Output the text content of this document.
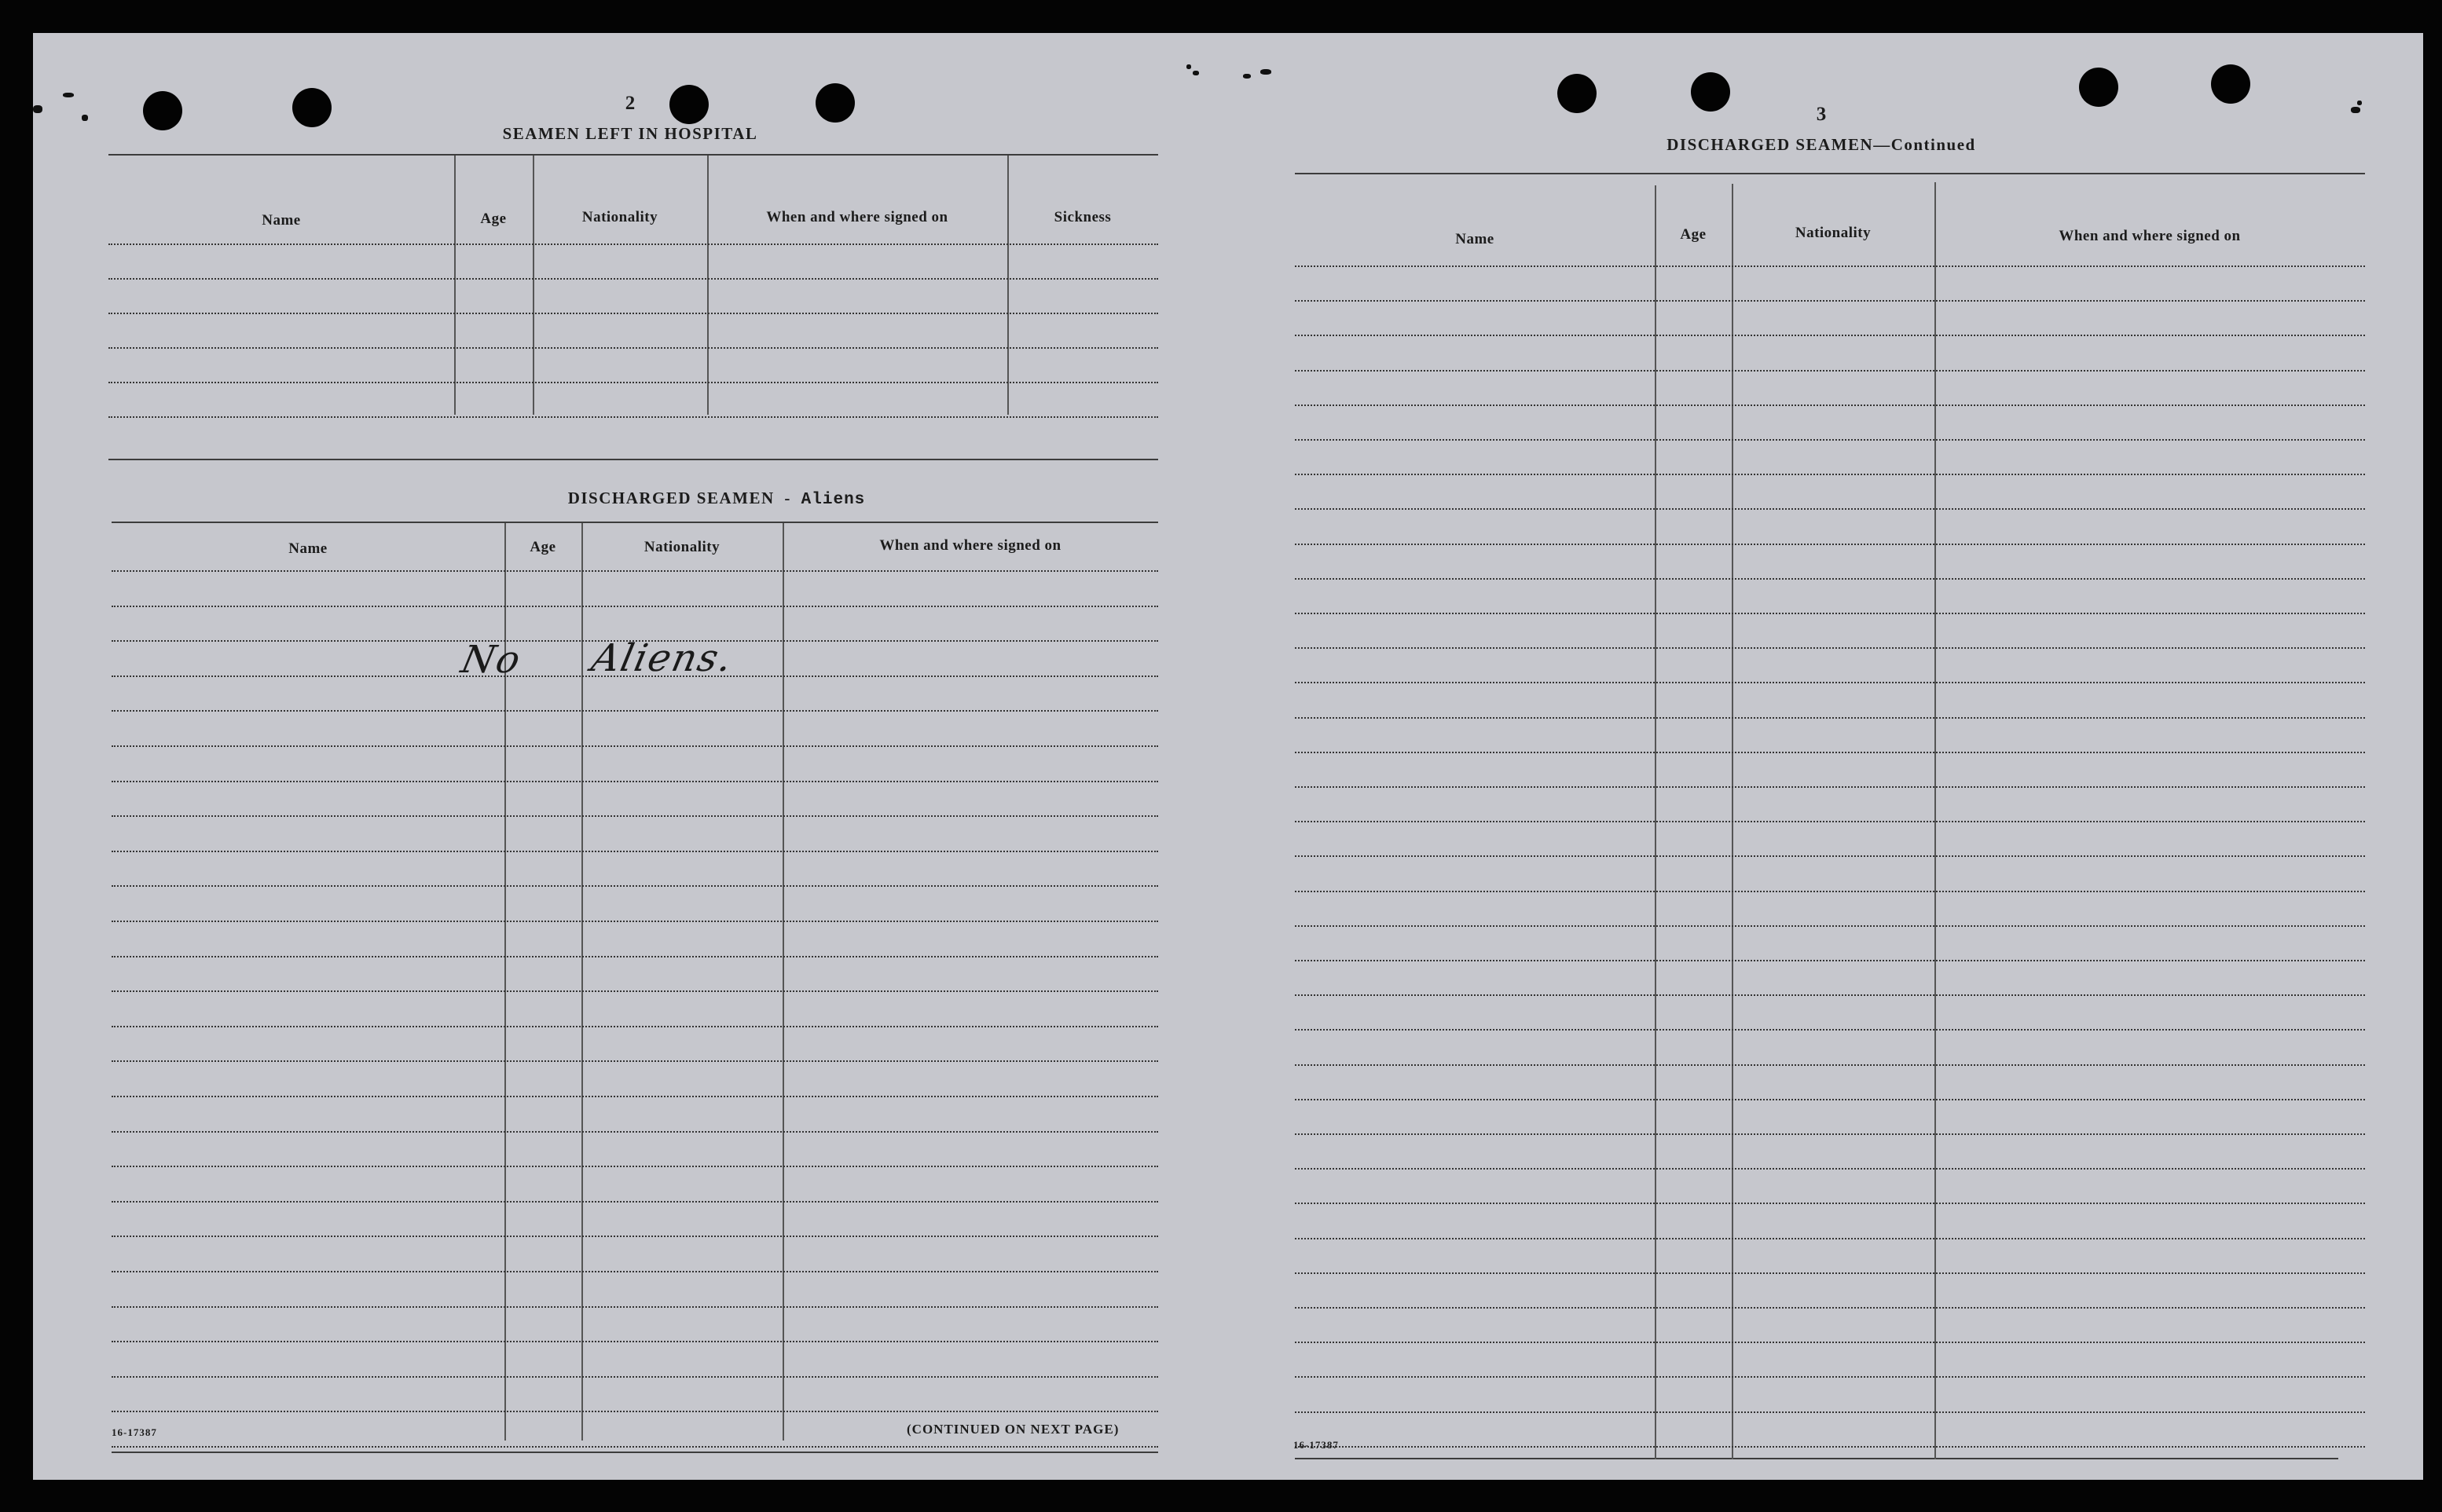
2
SEAMEN LEFT IN HOSPITAL
Name	Age	Nationality	When and where signed on	Sickness
DISCHARGED SEAMEN - Aliens
Name	Age	Nationality	When and where signed on
No Aliens.
16-17387	(CONTINUED ON NEXT PAGE)
3
DISCHARGED SEAMEN—Continued
Name	Age	Nationality	When and where signed on
16-17387
